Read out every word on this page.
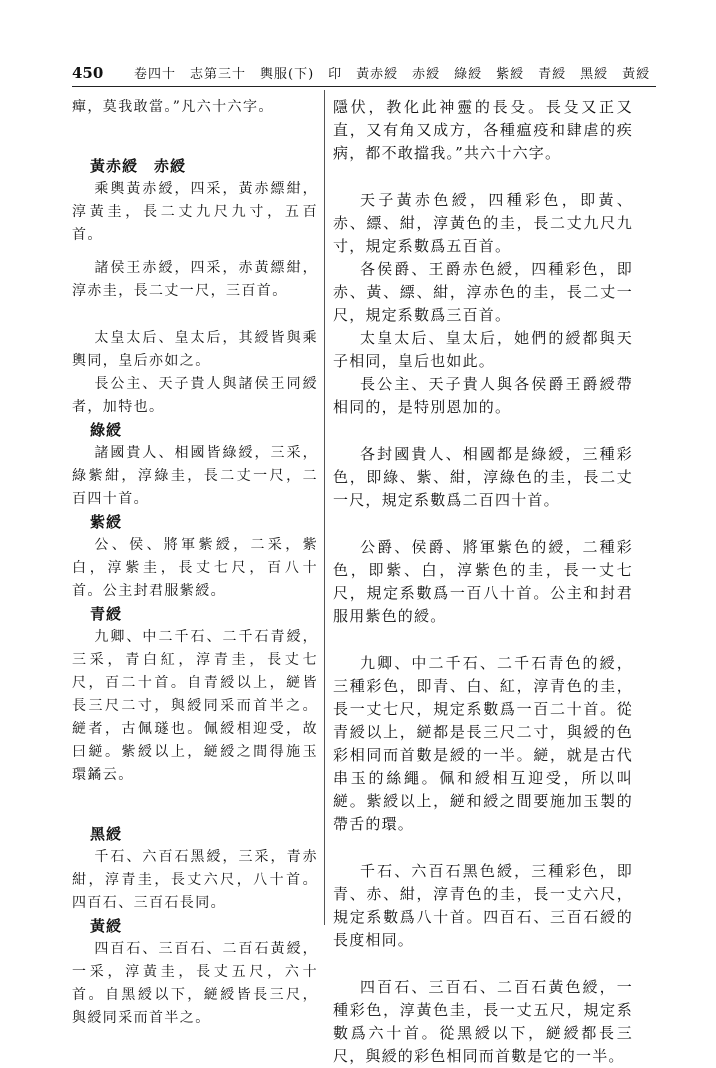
450	卷四十　志第三十　輿服(下)　印　黃赤綬　赤綬　綠綬　紫綬　青綬　黑綬　黃綬

癉，莫我敢當。”凡六十六字。

黃赤綬　赤綬

乘輿黃赤綬，四采，黃赤縹紺，淳黃圭，長二丈九尺九寸，五百首。

諸侯王赤綬，四采，赤黃縹紺，淳赤圭，長二丈一尺，三百首。

太皇太后、皇太后，其綬皆與乘輿同，皇后亦如之。

長公主、天子貴人與諸侯王同綬者，加特也。

綠綬

諸國貴人、相國皆綠綬，三采，綠紫紺，淳綠圭，長二丈一尺，二百四十首。

紫綬

公、侯、將軍紫綬，二采，紫白，淳紫圭，長丈七尺，百八十首。公主封君服紫綬。

青綬

九卿、中二千石、二千石青綬，三采，青白紅，淳青圭，長丈七尺，百二十首。自青綬以上，縌皆長三尺二寸，與綬同采而首半之。縌者，古佩璲也。佩綬相迎受，故曰縌。紫綬以上，縌綬之間得施玉環鐍云。

黑綬

千石、六百石黑綬，三采，青赤紺，淳青圭，長丈六尺，八十首。四百石、三百石長同。

黃綬

四百石、三百石、二百石黃綬，一采，淳黃圭，長丈五尺，六十首。自黑綬以下，縌綬皆長三尺，與綬同采而首半之。

隱伏，教化此神靈的長殳。長殳又正又直，又有角又成方，各種瘟疫和肆虐的疾病，都不敢擋我。”共六十六字。

天子黃赤色綬，四種彩色，即黃、赤、縹、紺，淳黃色的圭，長二丈九尺九寸，規定系數爲五百首。

各侯爵、王爵赤色綬，四種彩色，即赤、黃、縹、紺，淳赤色的圭，長二丈一尺，規定系數爲三百首。

太皇太后、皇太后，她們的綬都與天子相同，皇后也如此。

長公主、天子貴人與各侯爵王爵綬帶相同的，是特別恩加的。

各封國貴人、相國都是綠綬，三種彩色，即綠、紫、紺，淳綠色的圭，長二丈一尺，規定系數爲二百四十首。

公爵、侯爵、將軍紫色的綬，二種彩色，即紫、白，淳紫色的圭，長一丈七尺，規定系數爲一百八十首。公主和封君服用紫色的綬。

九卿、中二千石、二千石青色的綬，三種彩色，即青、白、紅，淳青色的圭，長一丈七尺，規定系數爲一百二十首。從青綬以上，縌都是長三尺二寸，與綬的色彩相同而首數是綬的一半。縌，就是古代串玉的絲繩。佩和綬相互迎受，所以叫縌。紫綬以上，縌和綬之間要施加玉製的帶舌的環。

千石、六百石黑色綬，三種彩色，即青、赤、紺，淳青色的圭，長一丈六尺，規定系數爲八十首。四百石、三百石綬的長度相同。

四百石、三百石、二百石黃色綬，一種彩色，淳黃色圭，長一丈五尺，規定系數爲六十首。從黑綬以下，縌綬都長三尺，與綬的彩色相同而首數是它的一半。
